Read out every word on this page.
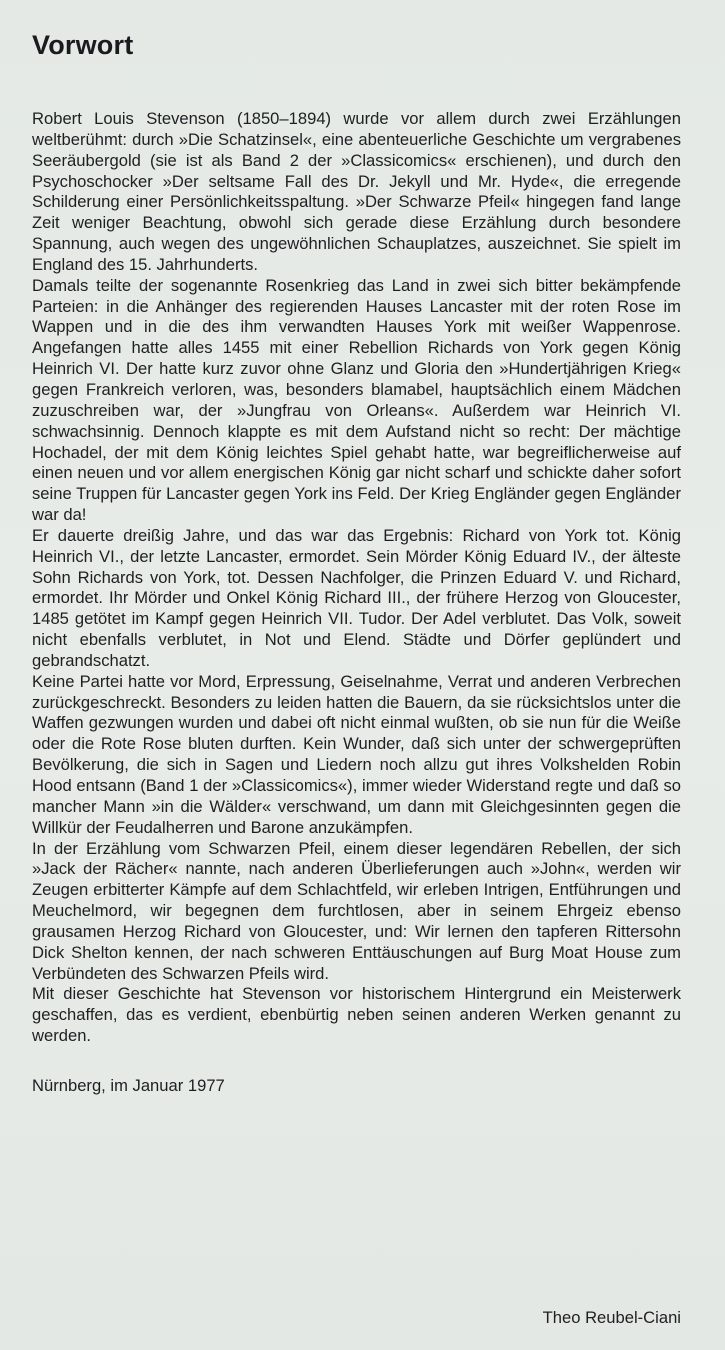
Vorwort

Robert Louis Stevenson (1850–1894) wurde vor allem durch zwei Erzählungen weltberühmt: durch »Die Schatzinsel«, eine abenteuerliche Geschichte um vergrabenes Seeräubergold (sie ist als Band 2 der »Classicomics« erschienen), und durch den Psychoschocker »Der seltsame Fall des Dr. Jekyll und Mr. Hyde«, die erregende Schilderung einer Persönlichkeitsspaltung. »Der Schwarze Pfeil« hingegen fand lange Zeit weniger Beachtung, obwohl sich gerade diese Erzählung durch besondere Spannung, auch wegen des ungewöhnlichen Schauplatzes, auszeichnet. Sie spielt im England des 15. Jahrhunderts.

Damals teilte der sogenannte Rosenkrieg das Land in zwei sich bitter bekämpfende Parteien: in die Anhänger des regierenden Hauses Lancaster mit der roten Rose im Wappen und in die des ihm verwandten Hauses York mit weißer Wappenrose. Angefangen hatte alles 1455 mit einer Rebellion Richards von York gegen König Heinrich VI. Der hatte kurz zuvor ohne Glanz und Gloria den »Hundertjährigen Krieg« gegen Frankreich verloren, was, besonders blamabel, hauptsächlich einem Mädchen zuzuschreiben war, der »Jungfrau von Orleans«. Außerdem war Heinrich VI. schwachsinnig. Dennoch klappte es mit dem Aufstand nicht so recht: Der mächtige Hochadel, der mit dem König leichtes Spiel gehabt hatte, war begreiflicherweise auf einen neuen und vor allem energischen König gar nicht scharf und schickte daher sofort seine Truppen für Lancaster gegen York ins Feld. Der Krieg Engländer gegen Engländer war da!

Er dauerte dreißig Jahre, und das war das Ergebnis: Richard von York tot. König Heinrich VI., der letzte Lancaster, ermordet. Sein Mörder König Eduard IV., der älteste Sohn Richards von York, tot. Dessen Nachfolger, die Prinzen Eduard V. und Richard, ermordet. Ihr Mörder und Onkel König Richard III., der frühere Herzog von Gloucester, 1485 getötet im Kampf gegen Heinrich VII. Tudor. Der Adel verblutet. Das Volk, soweit nicht ebenfalls verblutet, in Not und Elend. Städte und Dörfer geplündert und gebrandschatzt.

Keine Partei hatte vor Mord, Erpressung, Geiselnahme, Verrat und anderen Verbrechen zurückgeschreckt. Besonders zu leiden hatten die Bauern, da sie rücksichtslos unter die Waffen gezwungen wurden und dabei oft nicht einmal wußten, ob sie nun für die Weiße oder die Rote Rose bluten durften. Kein Wunder, daß sich unter der schwergeprüften Bevölkerung, die sich in Sagen und Liedern noch allzu gut ihres Volkshelden Robin Hood entsann (Band 1 der »Classicomics«), immer wieder Widerstand regte und daß so mancher Mann »in die Wälder« verschwand, um dann mit Gleichgesinnten gegen die Willkür der Feudalherren und Barone anzukämpfen.

In der Erzählung vom Schwarzen Pfeil, einem dieser legendären Rebellen, der sich »Jack der Rächer« nannte, nach anderen Überlieferungen auch »John«, werden wir Zeugen erbitterter Kämpfe auf dem Schlachtfeld, wir erleben Intrigen, Entführungen und Meuchelmord, wir begegnen dem furchtlosen, aber in seinem Ehrgeiz ebenso grausamen Herzog Richard von Gloucester, und: Wir lernen den tapferen Rittersohn Dick Shelton kennen, der nach schweren Enttäuschungen auf Burg Moat House zum Verbündeten des Schwarzen Pfeils wird.

Mit dieser Geschichte hat Stevenson vor historischem Hintergrund ein Meisterwerk geschaffen, das es verdient, ebenbürtig neben seinen anderen Werken genannt zu werden.

Nürnberg, im Januar 1977
Theo Reubel-Ciani
